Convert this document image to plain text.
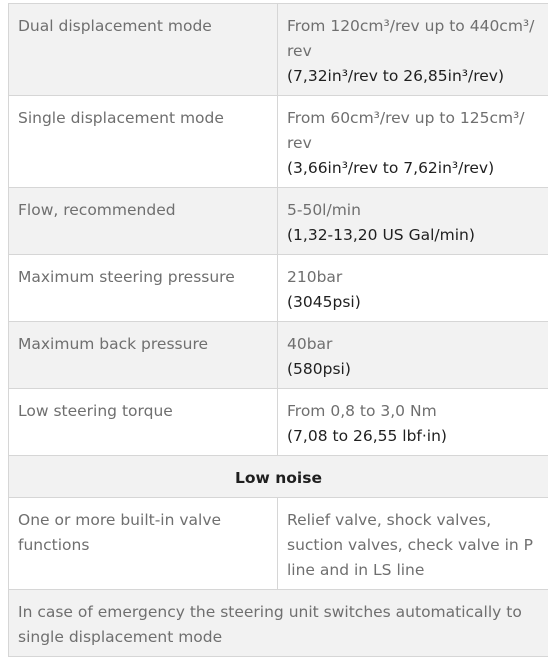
Dual displacement mode	From 120cm³/rev up to 440cm³/ rev
(7,32in³/rev to 26,85in³/rev)

Single displacement mode	From 60cm³/rev up to 125cm³/ rev
(3,66in³/rev to 7,62in³/rev)

Flow, recommended	5-50l/min
(1,32-13,20 US Gal/min)

Maximum steering pressure	210bar
(3045psi)

Maximum back pressure	40bar
(580psi)

Low steering torque	From 0,8 to 3,0 Nm
(7,08 to 26,55 lbf·in)

Low noise	
One or more built-in valve functions	Relief valve, shock valves, suction valves, check valve in P line and in LS line
In case of emergency the steering unit switches automatically to single displacement mode	
